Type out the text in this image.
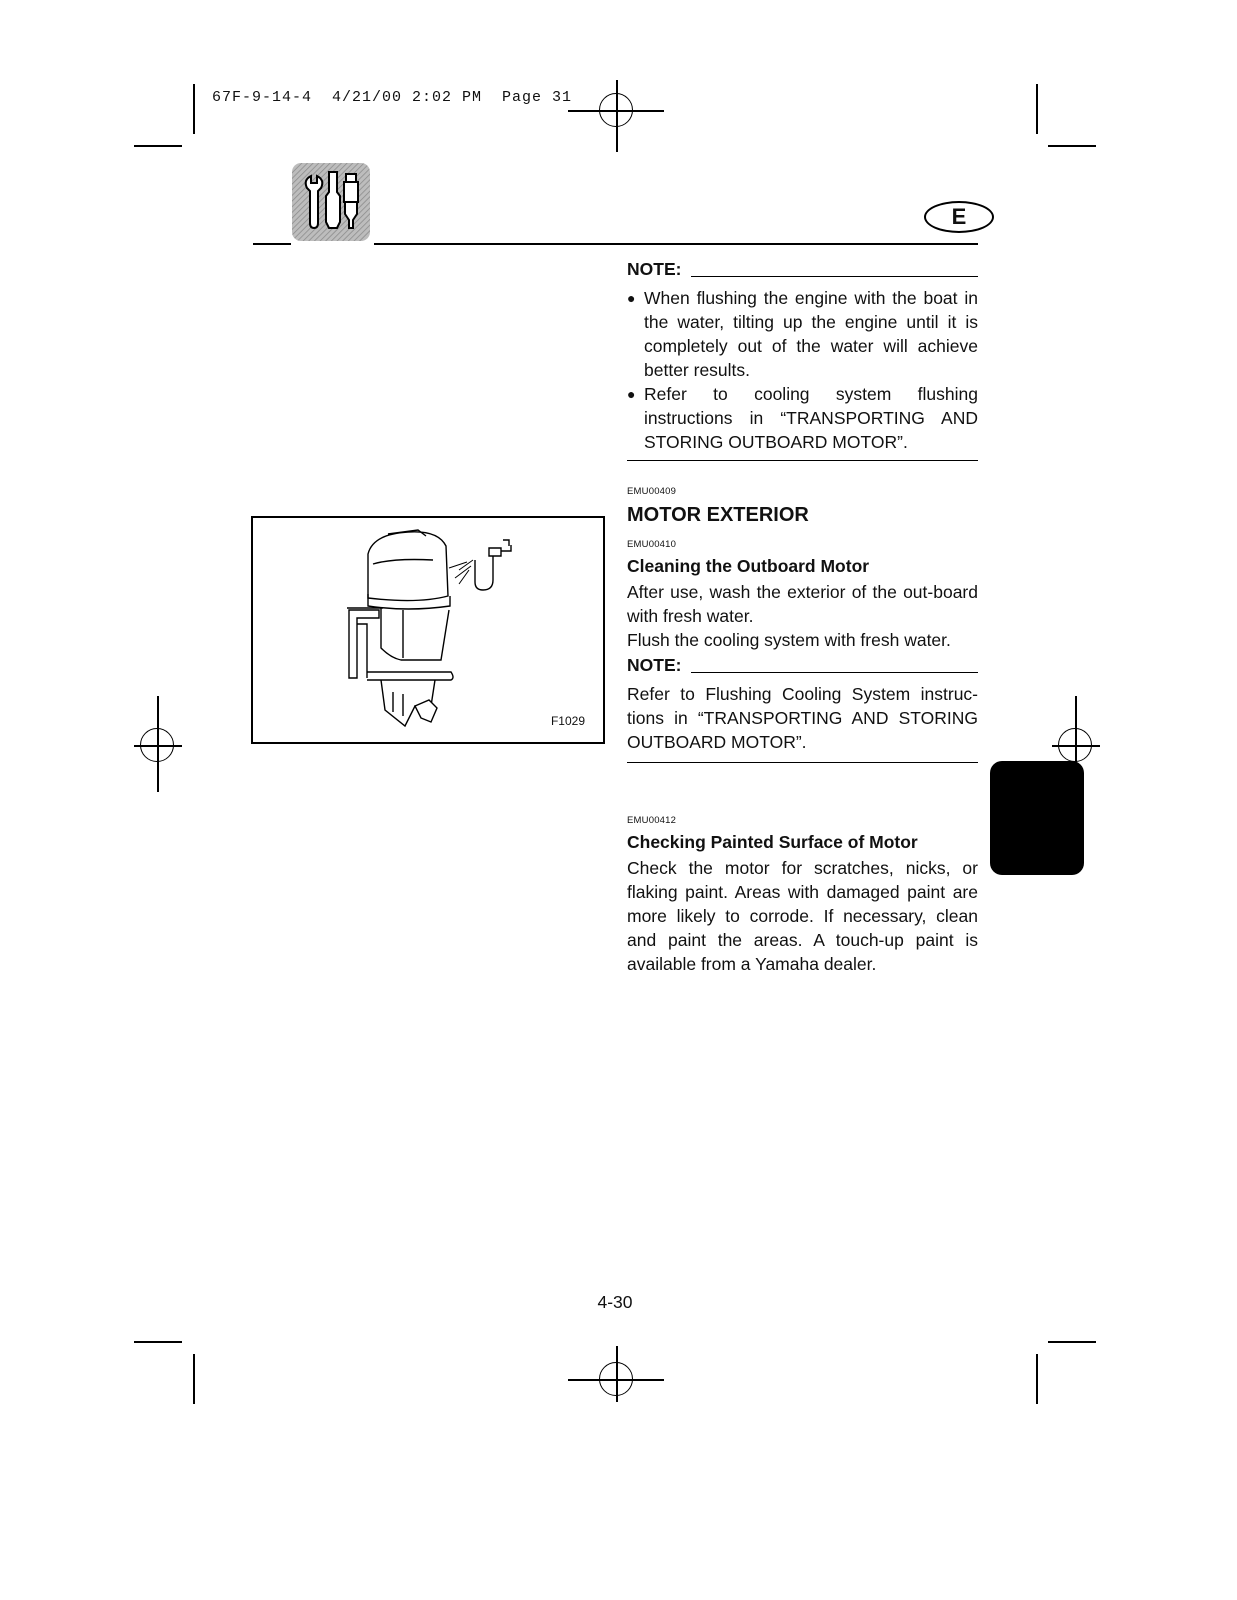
67F-9-14-4  4/21/00 2:02 PM  Page 31
E
NOTE:
● When flushing the engine with the boat in the water, tilting up the engine until it is completely out of the water will achieve better results.
● Refer to cooling system flushing instructions in “TRANSPORTING AND STORING OUTBOARD MOTOR”.
EMU00409
MOTOR EXTERIOR
EMU00410
Cleaning the Outboard Motor

After use, wash the exterior of the out-board with fresh water.

Flush the cooling system with fresh water.

NOTE:

Refer to Flushing Cooling System instruc-tions in “TRANSPORTING AND STORING OUTBOARD MOTOR”.

EMU00412
Checking Painted Surface of Motor

Check the motor for scratches, nicks, or flaking paint. Areas with damaged paint are more likely to corrode. If necessary, clean and paint the areas. A touch-up paint is available from a Yamaha dealer.

F1029
4-30
